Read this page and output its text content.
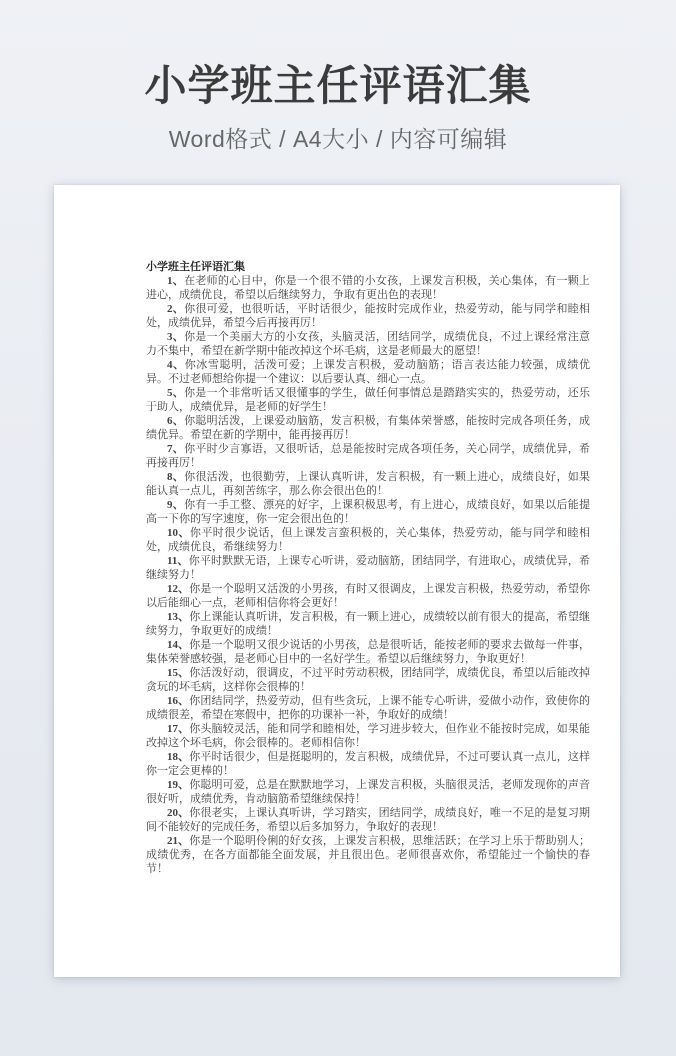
小学班主任评语汇集
Word格式 / A4大小 / 内容可编辑
小学班主任评语汇集

1、在老师的心目中，你是一个很不错的小女孩，上课发言积极，关心集体，有一颗上进心，成绩优良，希望以后继续努力，争取有更出色的表现！

2、你很可爱，也很听话，平时话很少，能按时完成作业，热爱劳动，能与同学和睦相处，成绩优异，希望今后再接再厉！

3、你是一个美丽大方的小女孩，头脑灵活，团结同学，成绩优良，不过上课经常注意力不集中，希望在新学期中能改掉这个坏毛病，这是老师最大的愿望！

4、你冰雪聪明，活泼可爱；上课发言积极，爱动脑筋；语言表达能力较强，成绩优异。不过老师想给你提一个建议：以后要认真、细心一点。

5、你是一个非常听话又很懂事的学生，做任何事情总是踏踏实实的，热爱劳动，还乐于助人，成绩优异，是老师的好学生！

6、你聪明活泼，上课爱动脑筋，发言积极，有集体荣誉感，能按时完成各项任务，成绩优异。希望在新的学期中，能再接再厉！

7、你平时少言寡语，又很听话，总是能按时完成各项任务，关心同学，成绩优异，希再接再厉！

8、你很活泼，也很勤劳，上课认真听讲，发言积极，有一颗上进心，成绩良好，如果能认真一点儿，再刻苦练字，那么你会很出色的！

9、你有一手工整、漂亮的好字，上课积极思考，有上进心，成绩良好，如果以后能提高一下你的写字速度，你一定会很出色的！

10、你平时很少说话，但上课发言蛮积极的，关心集体，热爱劳动，能与同学和睦相处，成绩优良，希继续努力！

11、你平时默默无语，上课专心听讲，爱动脑筋，团结同学，有进取心，成绩优异，希继续努力！

12、你是一个聪明又活泼的小男孩，有时又很调皮，上课发言积极，热爱劳动，希望你以后能细心一点，老师相信你将会更好！

13、你上课能认真听讲，发言积极，有一颗上进心，成绩较以前有很大的提高，希望继续努力，争取更好的成绩！

14、你是一个聪明又很少说话的小男孩，总是很听话，能按老师的要求去做每一件事，集体荣誉感较强，是老师心目中的一名好学生。希望以后继续努力，争取更好！

15、你活泼好动，很调皮，不过平时劳动积极，团结同学，成绩优良，希望以后能改掉贪玩的坏毛病，这样你会很棒的！

16、你团结同学，热爱劳动，但有些贪玩，上课不能专心听讲，爱做小动作，致使你的成绩很差，希望在寒假中，把你的功课补一补，争取好的成绩！

17、你头脑较灵活，能和同学和睦相处，学习进步较大，但作业不能按时完成，如果能改掉这个坏毛病，你会很棒的。老师相信你！

18、你平时话很少，但是挺聪明的，发言积极，成绩优异，不过可要认真一点儿，这样你一定会更棒的！

19、你聪明可爱，总是在默默地学习，上课发言积极，头脑很灵活，老师发现你的声音很好听，成绩优秀，肯动脑筋希望继续保持！

20、你很老实，上课认真听讲，学习踏实，团结同学，成绩良好，唯一不足的是复习期间不能较好的完成任务，希望以后多加努力，争取好的表现！

21、你是一个聪明伶俐的好女孩，上课发言积极，思维活跃；在学习上乐于帮助别人；成绩优秀，在各方面都能全面发展，并且很出色。老师很喜欢你，希望能过一个愉快的春节！
